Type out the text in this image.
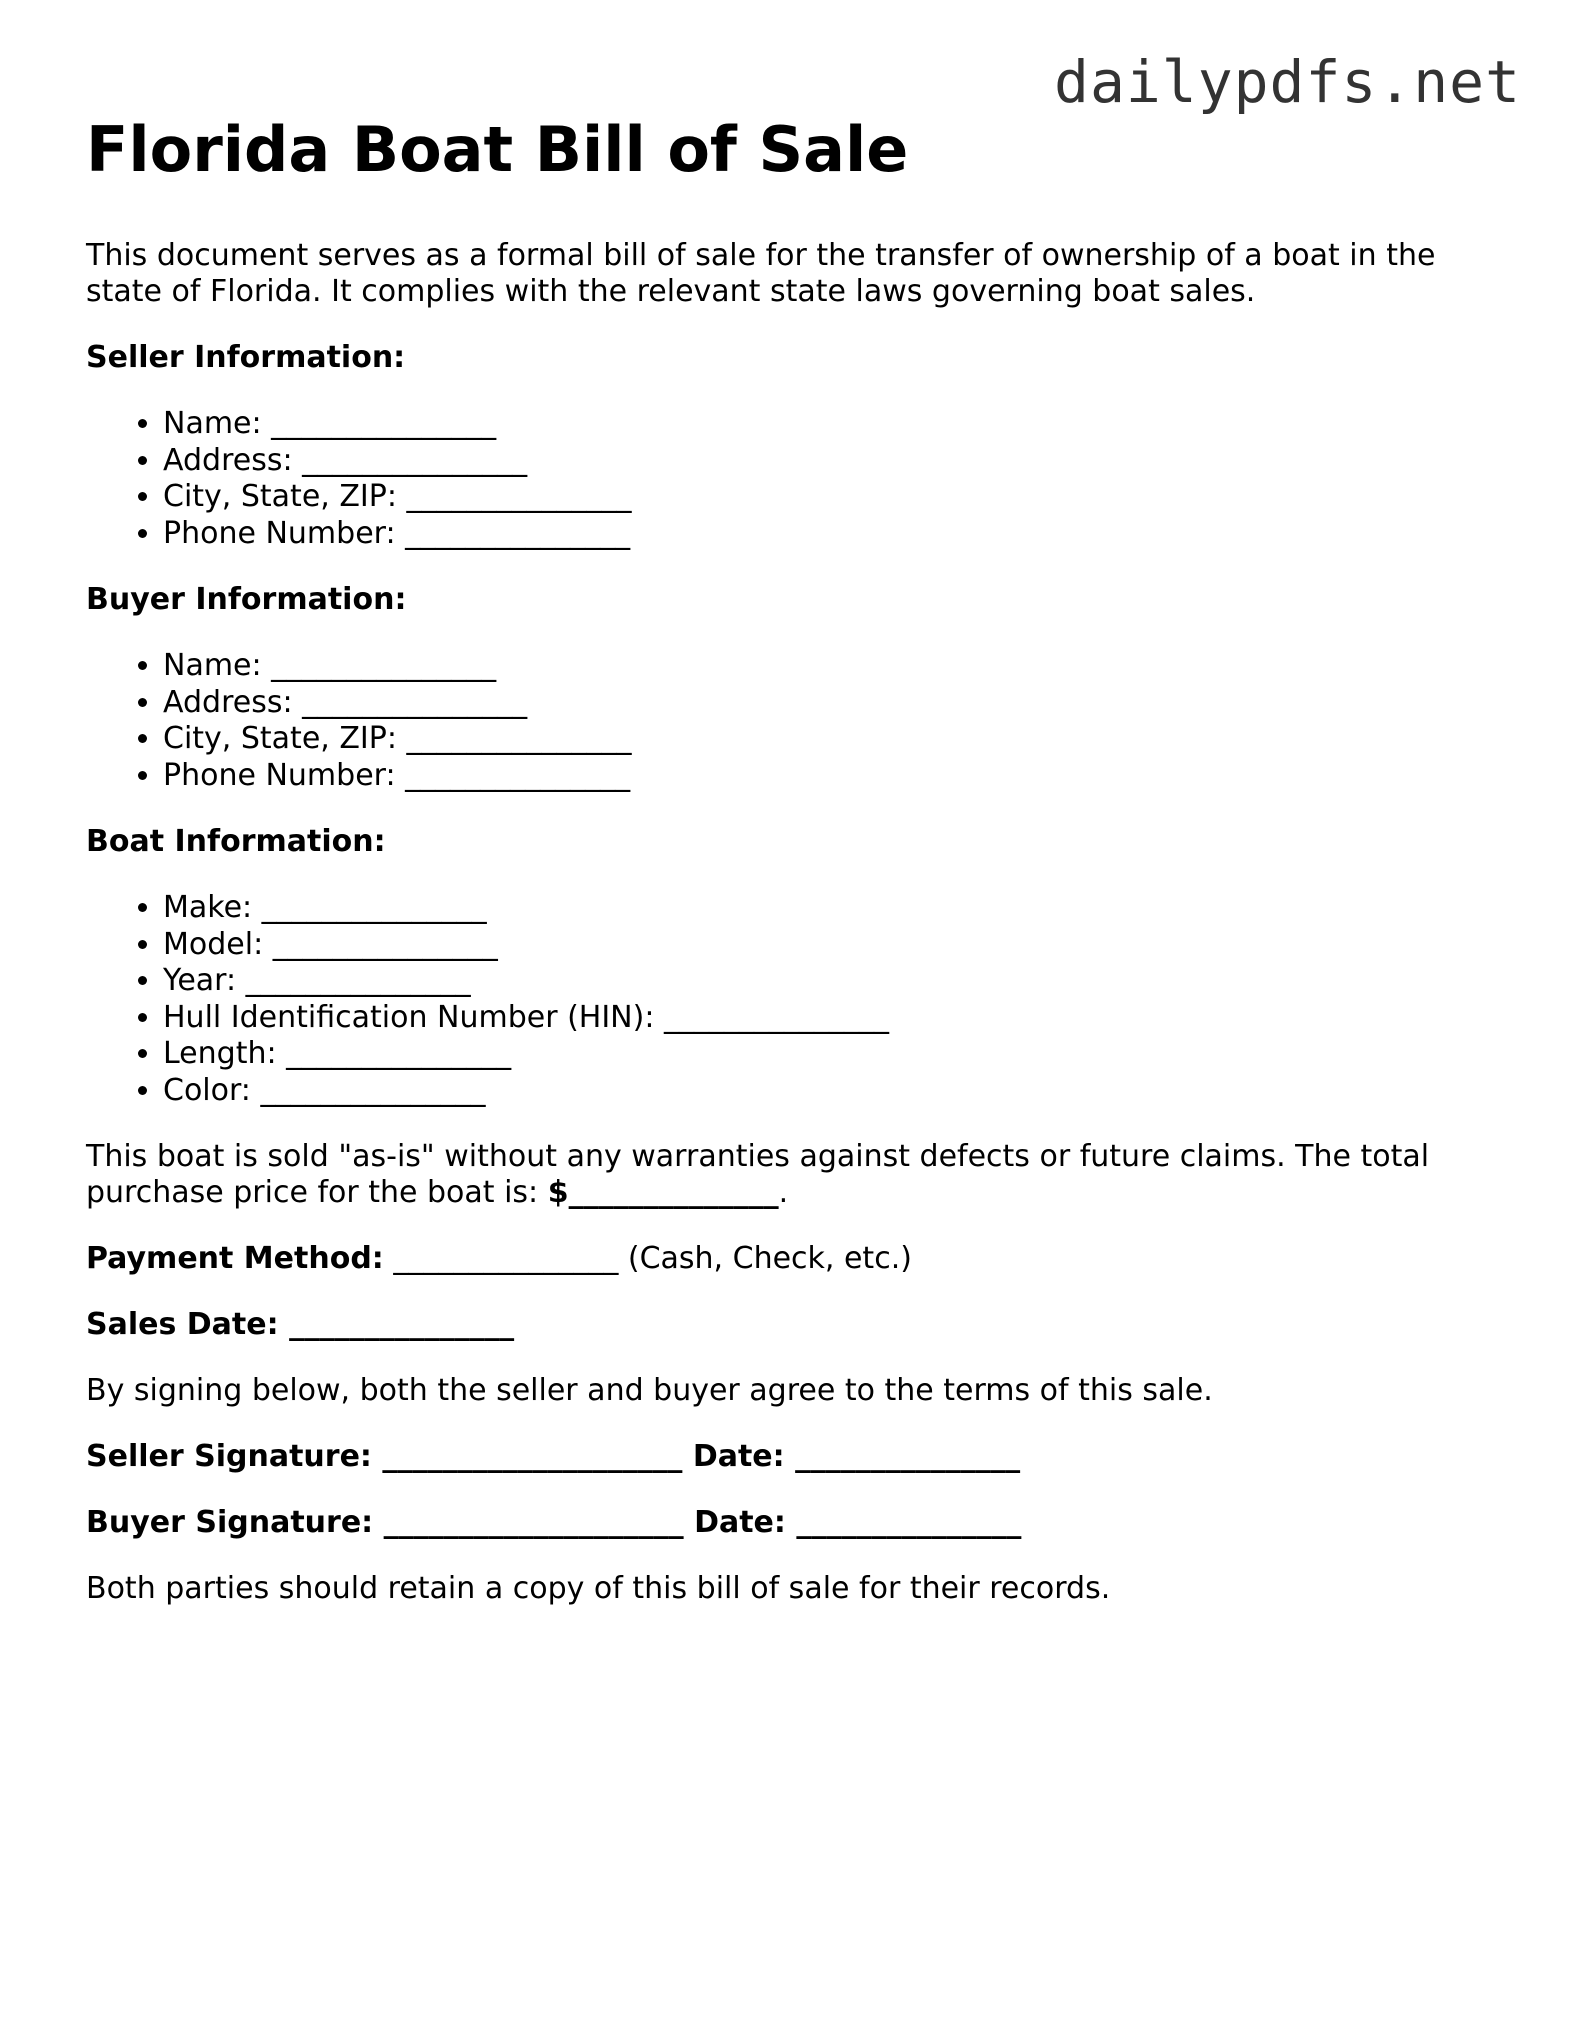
dailypdfs.net
Florida Boat Bill of Sale

This document serves as a formal bill of sale for the transfer of ownership of a boat in the state of Florida. It complies with the relevant state laws governing boat sales.

Seller Information:

• Name: _______________
• Address: _______________
• City, State, ZIP: _______________
• Phone Number: _______________

Buyer Information:

• Name: _______________
• Address: _______________
• City, State, ZIP: _______________
• Phone Number: _______________

Boat Information:

• Make: _______________
• Model: _______________
• Year: _______________
• Hull Identification Number (HIN): _______________
• Length: _______________
• Color: _______________

This boat is sold "as-is" without any warranties against defects or future claims. The total purchase price for the boat is: $______________.

Payment Method: _______________ (Cash, Check, etc.)

Sales Date: _______________

By signing below, both the seller and buyer agree to the terms of this sale.

Seller Signature: ____________________ Date: _______________

Buyer Signature: ____________________ Date: _______________

Both parties should retain a copy of this bill of sale for their records.
